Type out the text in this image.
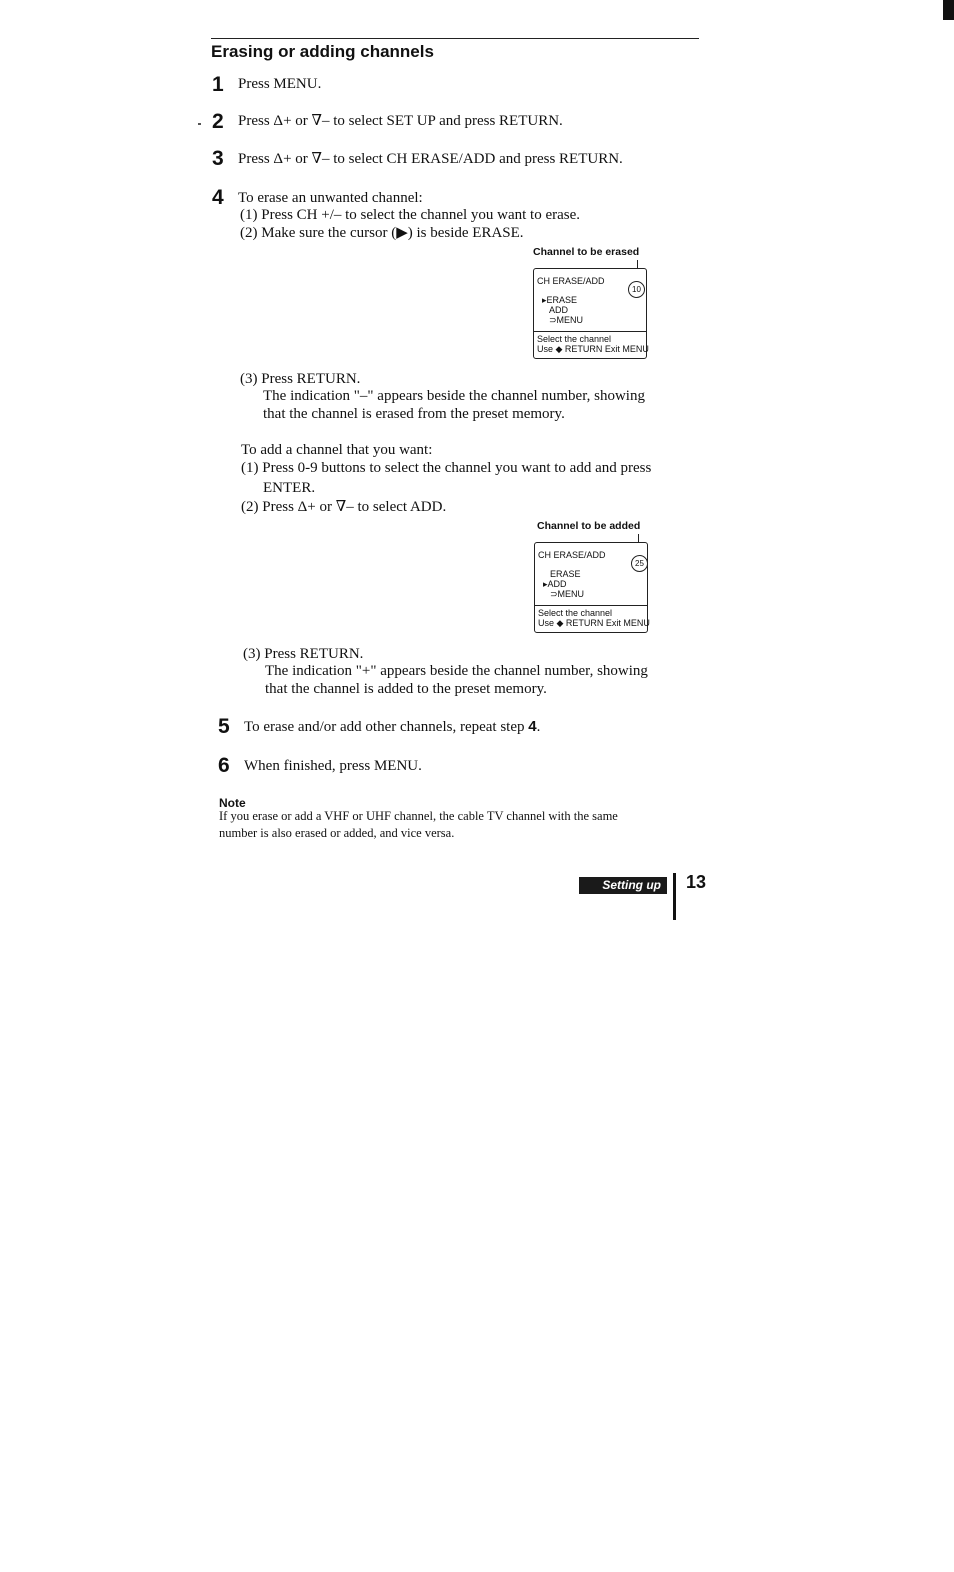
Erasing or adding channels
1 Press MENU.
2 Press Δ+ or ∇– to select SET UP and press RETURN.
3 Press Δ+ or ∇– to select CH ERASE/ADD and press RETURN.
4 To erase an unwanted channel:
(1) Press CH +/– to select the channel you want to erase.
(2) Make sure the cursor (▶) is beside ERASE.
Channel to be erased
CH ERASE/ADD
▸ERASE
ADD
⊃MENU
Select the channel
Use ◆ RETURN Exit MENU
10
(3) Press RETURN.
The indication "–" appears beside the channel number, showing
that the channel is erased from the preset memory.
To add a channel that you want:
(1) Press 0-9 buttons to select the channel you want to add and press
ENTER.
(2) Press Δ+ or ∇– to select ADD.
Channel to be added
CH ERASE/ADD
ERASE
▸ADD
⊃MENU
Select the channel
Use ◆ RETURN Exit MENU
25
(3) Press RETURN.
The indication "+" appears beside the channel number, showing
that the channel is added to the preset memory.
5 To erase and/or add other channels, repeat step 4.
6 When finished, press MENU.
Note
If you erase or add a VHF or UHF channel, the cable TV channel with the same
number is also erased or added, and vice versa.
Setting up	13
